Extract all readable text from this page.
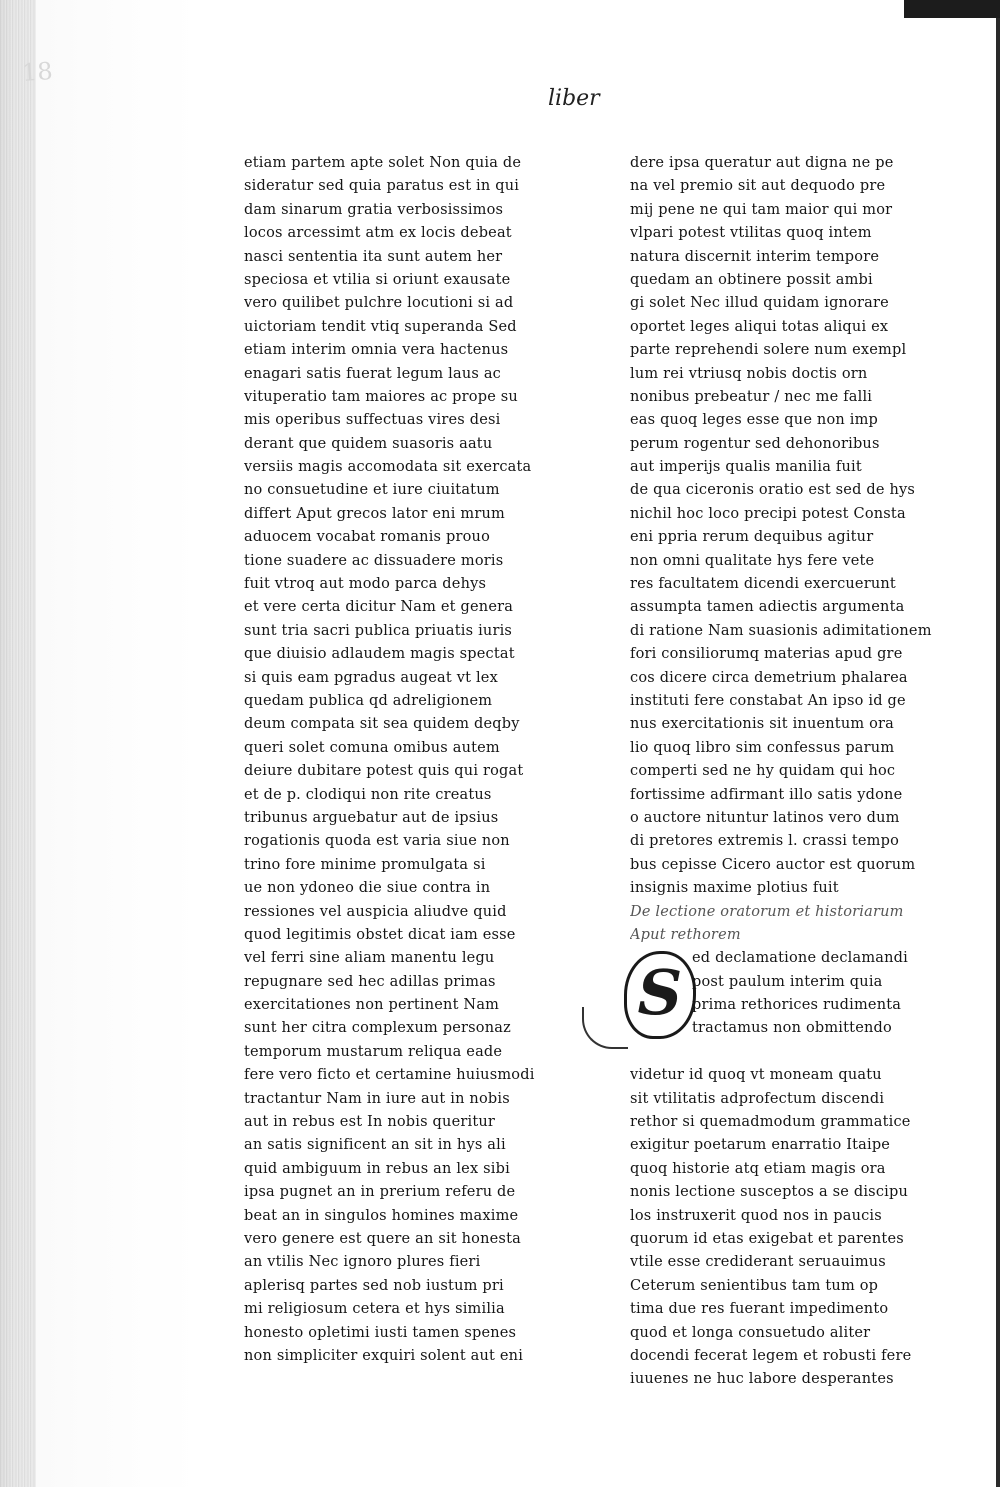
18
liber
etiam partem apte solet Non quia de
sideratur sed quia paratus est in qui
dam sinarum gratia verbosissimos
locos arcessimt atm ex locis debeat
nasci sententia ita sunt autem her
speciosa et vtilia si oriunt exausate
vero quilibet pulchre locutioni si ad
uictoriam tendit vtiq superanda Sed
etiam interim omnia vera hactenus
enagari satis fuerat legum laus ac
vituperatio tam maiores ac prope su
mis operibus suffectuas vires desi
derant que quidem suasoris aatu
versiis magis accomodata sit exercata
no consuetudine et iure ciuitatum
differt Aput grecos lator eni mrum
aduocem vocabat romanis prouo
tione suadere ac dissuadere moris
fuit vtroq aut modo parca dehys
et vere certa dicitur Nam et genera
sunt tria sacri publica priuatis iuris
que diuisio adlaudem magis spectat
si quis eam pgradus augeat vt lex
quedam publica qd adreligionem
deum compata sit sea quidem deqby
queri solet comuna omibus autem
deiure dubitare potest quis qui rogat
et de p. clodiqui non rite creatus
tribunus arguebatur aut de ipsius
rogationis quoda est varia siue non
trino fore minime promulgata si
ue non ydoneo die siue contra in
ressiones vel auspicia aliudve quid
quod legitimis obstet dicat iam esse
vel ferri sine aliam manentu legu
repugnare sed hec adillas primas
exercitationes non pertinent Nam
sunt her citra complexum personaz
temporum mustarum reliqua eade
fere vero ficto et certamine huiusmodi
tractantur Nam in iure aut in nobis
aut in rebus est In nobis queritur
an satis significent an sit in hys ali
quid ambiguum in rebus an lex sibi
ipsa pugnet an in prerium referu de
beat an in singulos homines maxime
vero genere est quere an sit honesta
an vtilis Nec ignoro plures fieri
aplerisq partes sed nob iustum pri
mi religiosum cetera et hys similia
honesto opletimi iusti tamen spenes
non simpliciter exquiri solent aut eni
dere ipsa queratur aut digna ne pe
na vel premio sit aut dequodo pre
mij pene ne qui tam maior qui mor
vlpari potest vtilitas quoq intem
natura discernit interim tempore
quedam an obtinere possit ambi
gi solet Nec illud quidam ignorare
oportet leges aliqui totas aliqui ex
parte reprehendi solere num exempl
lum rei vtriusq nobis doctis orn
nonibus prebeatur / nec me falli
eas quoq leges esse que non imp
perum rogentur sed dehonoribus
aut imperijs qualis manilia fuit
de qua ciceronis oratio est sed de hys
nichil hoc loco precipi potest Consta
eni ppria rerum dequibus agitur
non omni qualitate hys fere vete
res facultatem dicendi exercuerunt
assumpta tamen adiectis argumenta
di ratione Nam suasionis adimitationem
fori consiliorumq materias apud gre
cos dicere circa demetrium phalarea
instituti fere constabat An ipso id ge
nus exercitationis sit inuentum ora
lio quoq libro sim confessus parum
comperti sed ne hy quidam qui hoc
fortissime adfirmant illo satis ydone
o auctore nituntur latinos vero dum
di pretores extremis l. crassi tempo
bus cepisse Cicero auctor est quorum
insignis maxime plotius fuit
De lectione oratorum et historiarum
Aput rethorem
S ed declamatione declamandi
post paulum interim quia
prima rethorices rudimenta
tractamus non obmittendo
videtur id quoq vt moneam quatu
sit vtilitatis adprofectum discendi
rethor si quemadmodum grammatice
exigitur poetarum enarratio Itaipe
quoq historie atq etiam magis ora
nonis lectione susceptos a se discipu
los instruxerit quod nos in paucis
quorum id etas exigebat et parentes
vtile esse crediderant seruauimus
Ceterum senientibus tam tum op
tima due res fuerant impedimento
quod et longa consuetudo aliter
docendi fecerat legem et robusti fere
iuuenes ne huc labore desperantes
